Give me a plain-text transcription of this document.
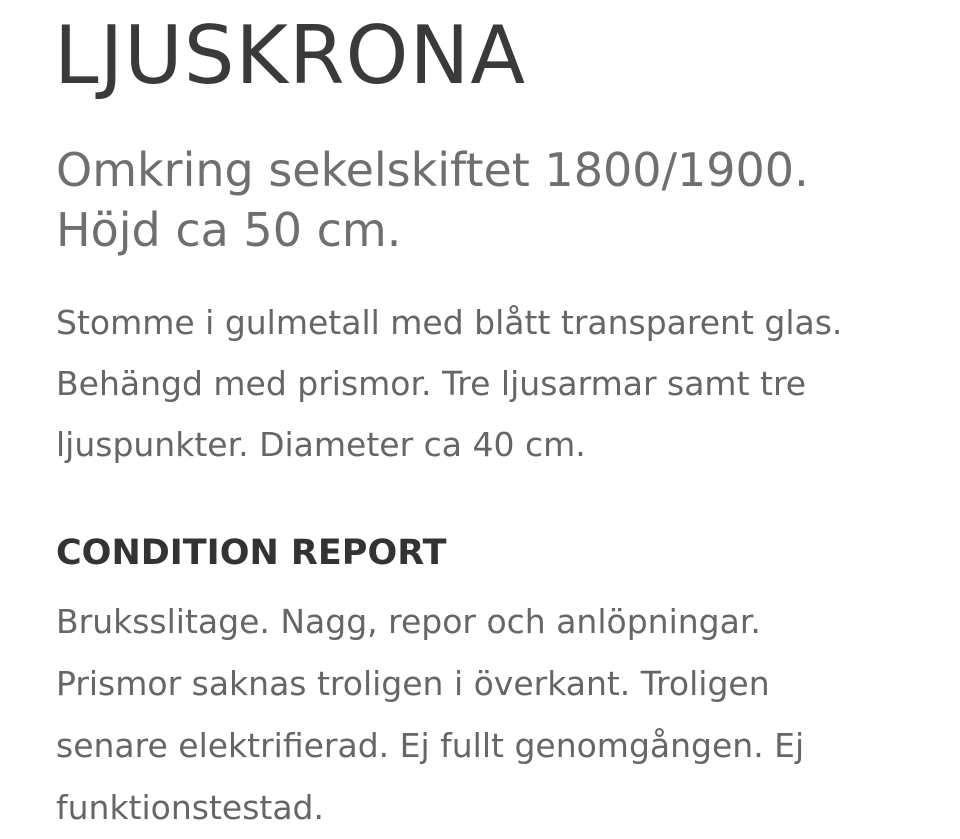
LJUSKRONA

Omkring sekelskiftet 1800/1900.
Höjd ca 50 cm.

Stomme i gulmetall med blått transparent glas.
Behängd med prismor. Tre ljusarmar samt tre
ljuspunkter. Diameter ca 40 cm.

CONDITION REPORT

Bruksslitage. Nagg, repor och anlöpningar.
Prismor saknas troligen i överkant. Troligen
senare elektrifierad. Ej fullt genomgången. Ej
funktionstestad.
